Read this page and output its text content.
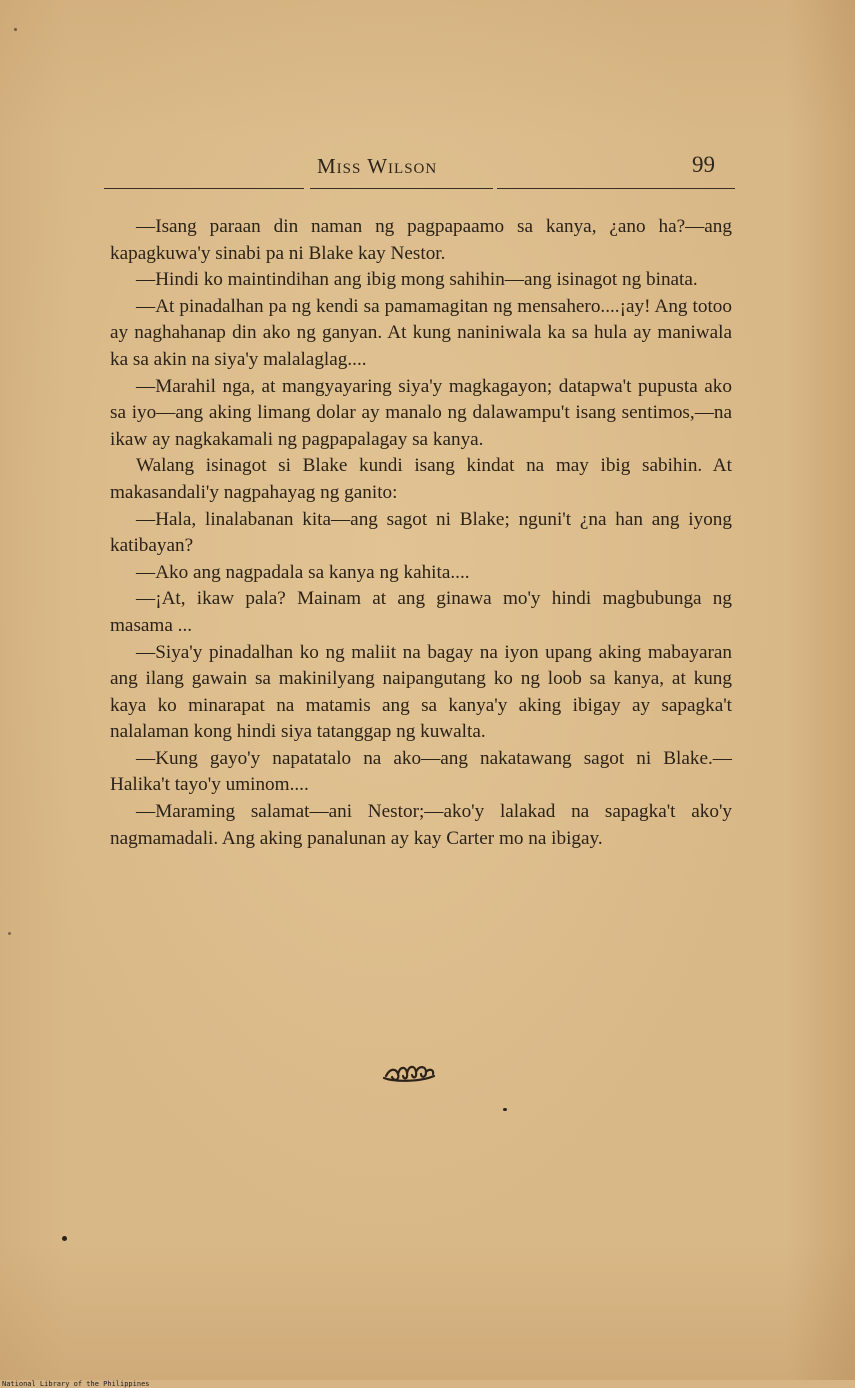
Miss Wilson	99

—Isang paraan din naman ng pagpapaamo sa kanya, ¿ano ha?—ang kapagkuwa'y sinabi pa ni Blake kay Nestor.

—Hindi ko maintindihan ang ibig mong sahihin—ang isinagot ng binata.

—At pinadalhan pa ng kendi sa pamamagitan ng mensahero....¡ay! Ang totoo ay naghahanap din ako ng ganyan. At kung naniniwala ka sa hula ay maniwala ka sa akin na siya'y malalaglag....

—Marahil nga, at mangyayaring siya'y magkagayon; datapwa't pupusta ako sa iyo—ang aking limang dolar ay manalo ng dalawampu't isang sentimos,—na ikaw ay nagkakamali ng pagpapalagay sa kanya.

Walang isinagot si Blake kundi isang kindat na may ibig sabihin. At makasandali'y nagpahayag ng ganito:

—Hala, linalabanan kita—ang sagot ni Blake; nguni't ¿na han ang iyong katibayan?

—Ako ang nagpadala sa kanya ng kahita....

—¡At, ikaw pala? Mainam at ang ginawa mo'y hindi magbubunga ng masama ...

—Siya'y pinadalhan ko ng maliit na bagay na iyon upang aking mabayaran ang ilang gawain sa makinilyang naipangutang ko ng loob sa kanya, at kung kaya ko minarapat na matamis ang sa kanya'y aking ibigay ay sapagka't nalalaman kong hindi siya tatanggap ng kuwalta.

—Kung gayo'y napatatalo na ako—ang nakatawang sagot ni Blake.—Halika't tayo'y uminom....

—Maraming salamat—ani Nestor;—ako'y lalakad na sapagka't ako'y nagmamadali. Ang aking panalunan ay kay Carter mo na ibigay.

National Library of the Philippines
